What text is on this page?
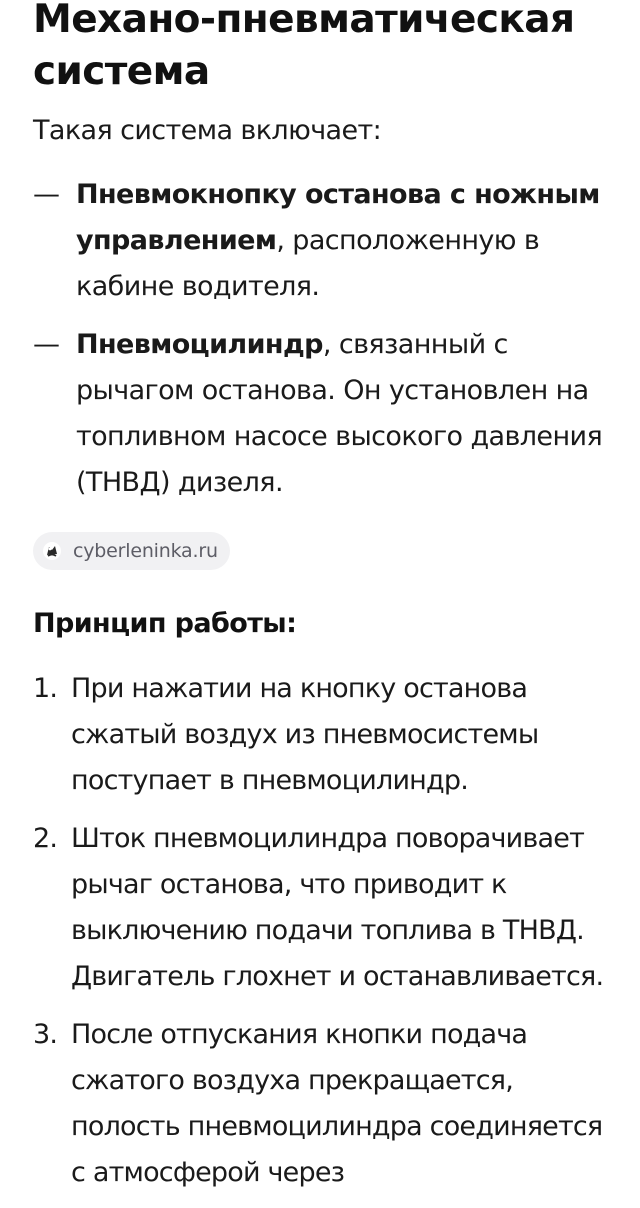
Механо-пневматическая система

Такая система включает:

— Пневмокнопку останова с ножным управлением, расположенную в кабине водителя.
— Пневмоцилиндр, связанный с рычагом останова. Он установлен на топливном насосе высокого давления (ТНВД) дизеля.
cyberleninka.ru
Принцип работы:
1. При нажатии на кнопку останова сжатый воздух из пневмосистемы поступает в пневмоцилиндр.
2. Шток пневмоцилиндра поворачивает рычаг останова, что приводит к выключению подачи топлива в ТНВД. Двигатель глохнет и останавливается.
3. После отпускания кнопки подача сжатого воздуха прекращается, полость пневмоцилиндра соединяется с атмосферой через
